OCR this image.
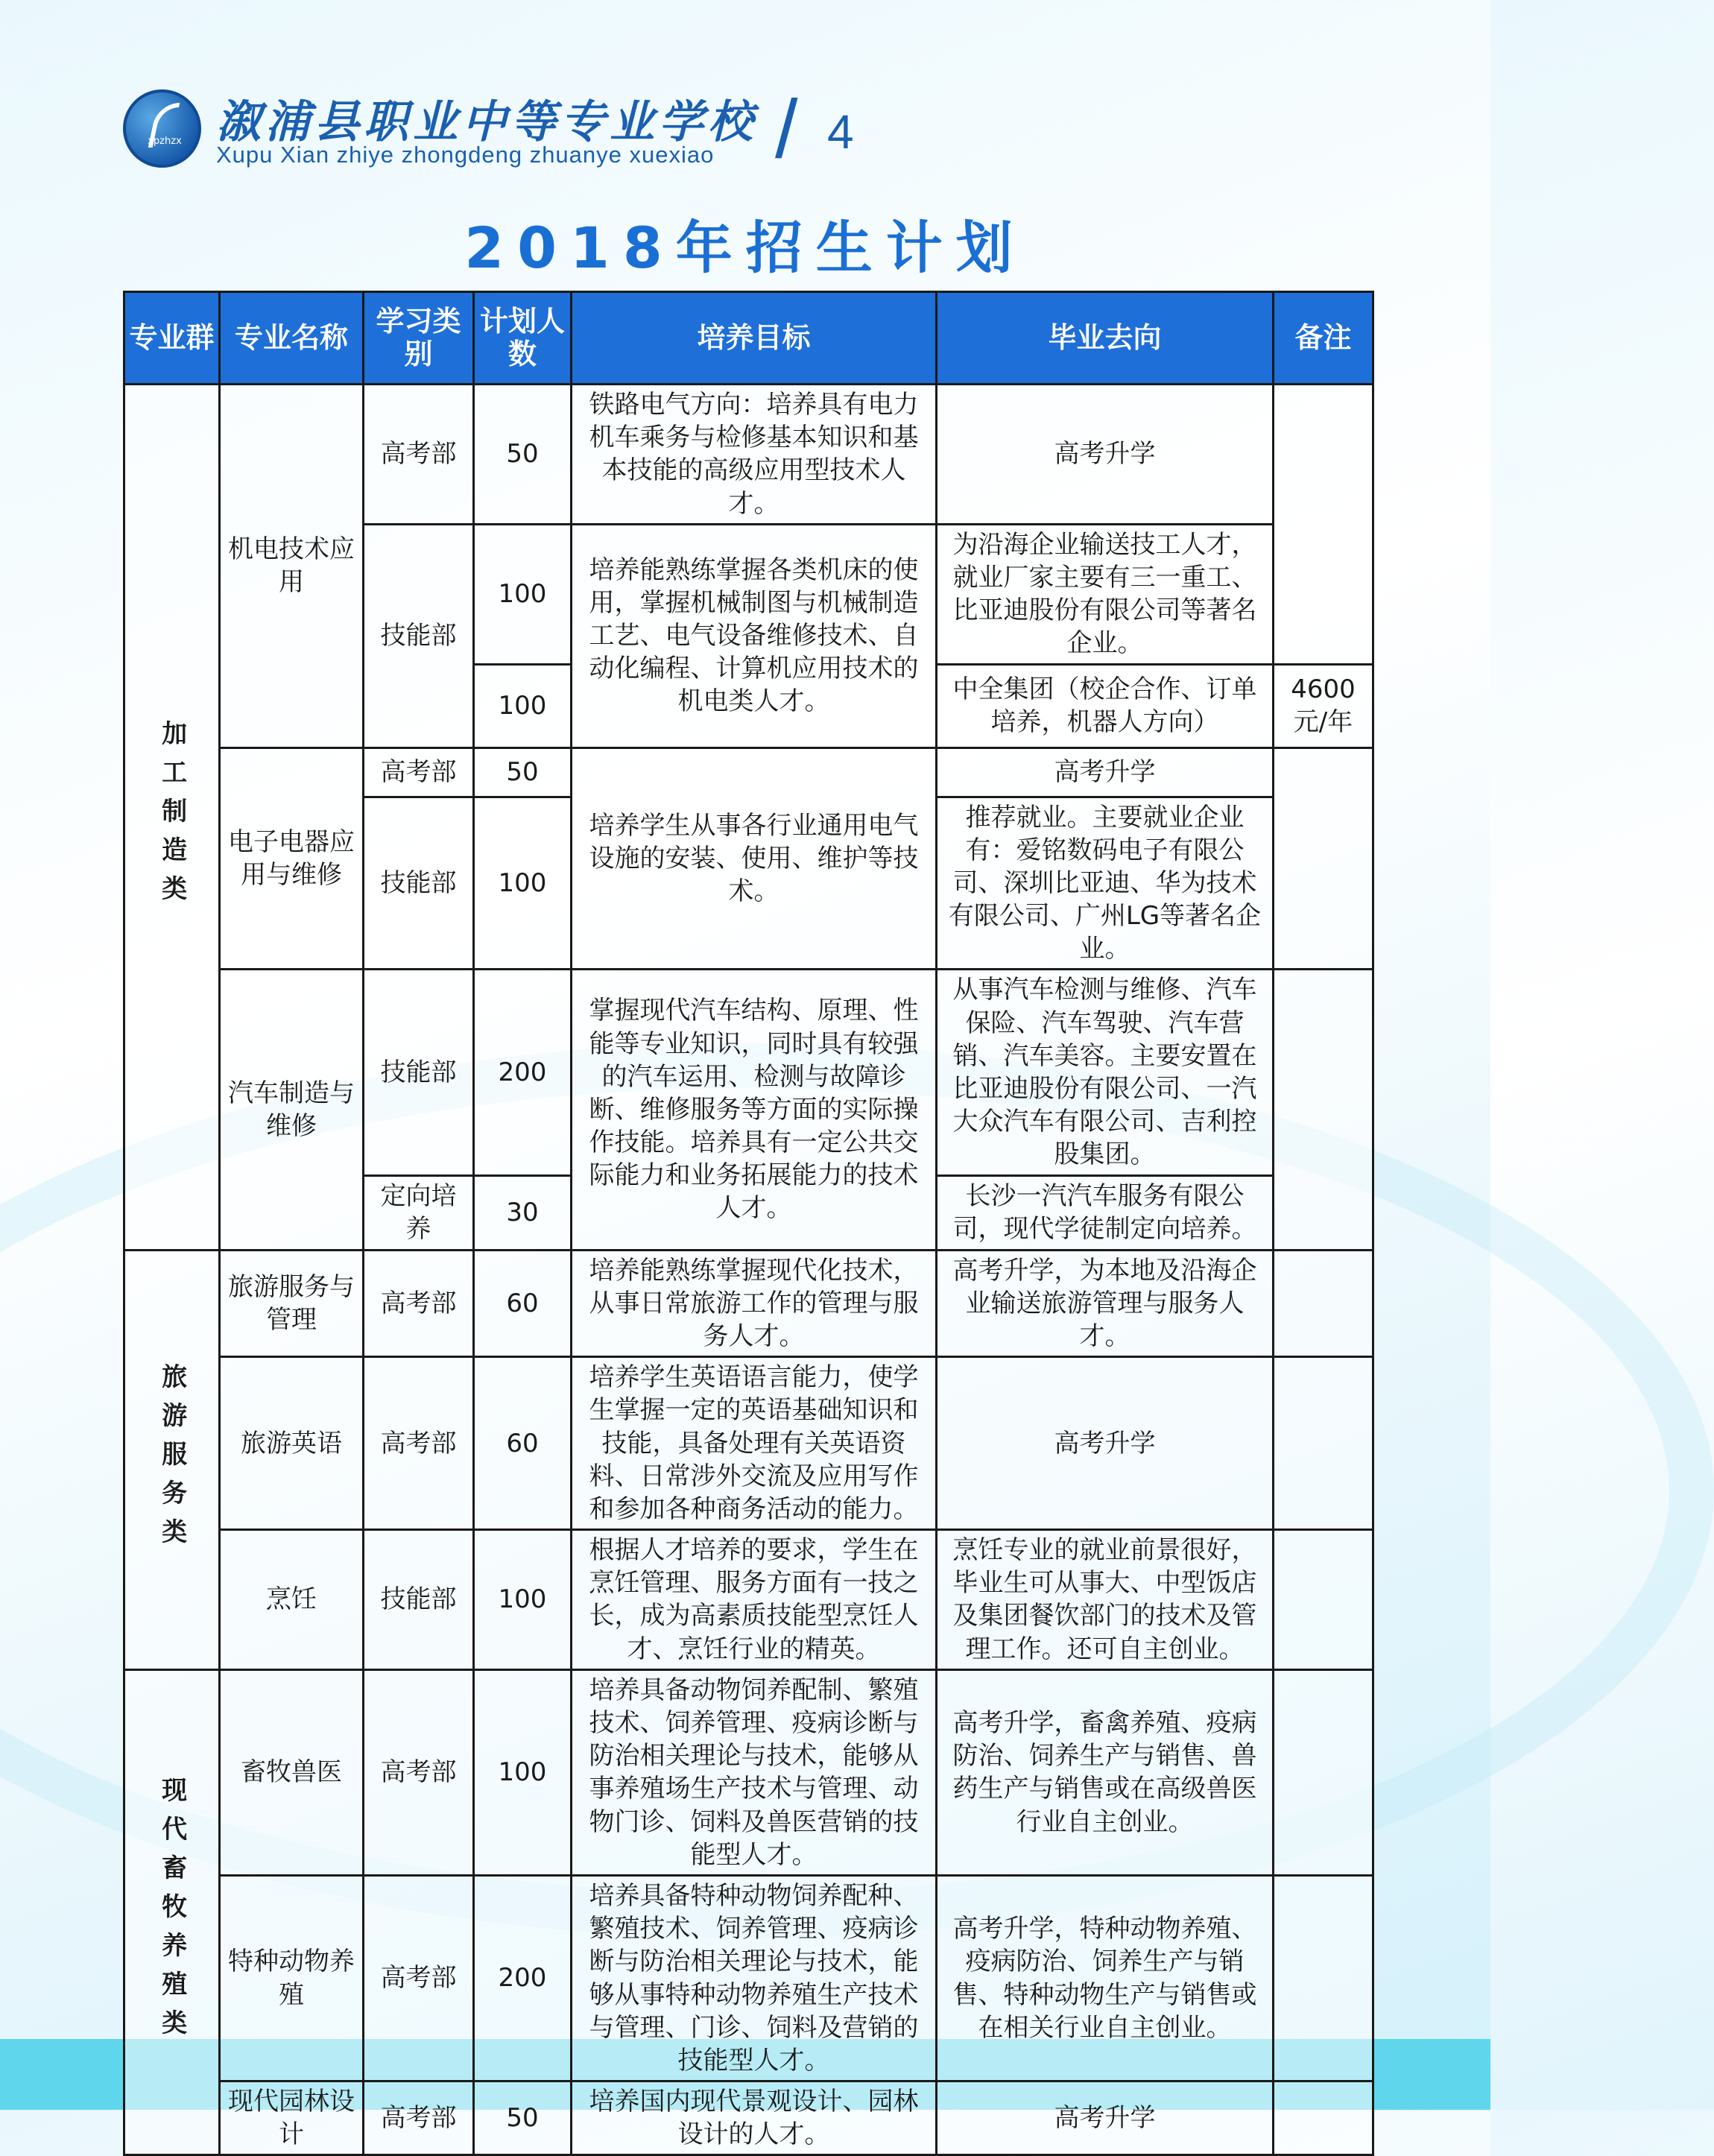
xpzhzx 溆浦县职业中等专业学校
Xupu Xian zhiye zhongdeng zhuanye xuexiao / 4
2018年招生计划
专业群	专业名称	学习类别	计划人数	培养目标	毕业去向	备注
加工制造类	机电技术应用	高考部	50	铁路电气方向：培养具有电力机车乘务与检修基本知识和基本技能的高级应用型技术人才。	高考升学	
		技能部	100	培养能熟练掌握各类机床的使用，掌握机械制图与机械制造工艺、电气设备维修技术、自动化编程、计算机应用技术的机电类人才。	为沿海企业输送技工人才，就业厂家主要有三一重工、比亚迪股份有限公司等著名企业。	
			100		中全集团（校企合作、订单培养，机器人方向）	4600元/年
	电子电器应用与维修	高考部	50	培养学生从事各行业通用电气设施的安装、使用、维护等技术。	高考升学	
		技能部	100		推荐就业。主要就业企业有：爱铭数码电子有限公司、深圳比亚迪、华为技术有限公司、广州LG等著名企业。	
	汽车制造与维修	技能部	200	掌握现代汽车结构、原理、性能等专业知识，同时具有较强的汽车运用、检测与故障诊断、维修服务等方面的实际操作技能。培养具有一定公共交际能力和业务拓展能力的技术人才。	从事汽车检测与维修、汽车保险、汽车驾驶、汽车营销、汽车美容。主要安置在比亚迪股份有限公司、一汽大众汽车有限公司、吉利控股集团。	
		定向培养	30		长沙一汽汽车服务有限公司，现代学徒制定向培养。	

旅游服务类	旅游服务与管理	高考部	60	培养能熟练掌握现代化技术，从事日常旅游工作的管理与服务人才。	高考升学，为本地及沿海企业输送旅游管理与服务人才。	
	旅游英语	高考部	60	培养学生英语语言能力，使学生掌握一定的英语基础知识和技能，具备处理有关英语资料、日常涉外交流及应用写作和参加各种商务活动的能力。	高考升学	
	烹饪	技能部	100	根据人才培养的要求，学生在烹饪管理、服务方面有一技之长，成为高素质技能型烹饪人才、烹饪行业的精英。	烹饪专业的就业前景很好，毕业生可从事大、中型饭店及集团餐饮部门的技术及管理工作。还可自主创业。	
现代畜牧养殖类	畜牧兽医	高考部	100	培养具备动物饲养配制、繁殖技术、饲养管理、疫病诊断与防治相关理论与技术，能够从事养殖场生产技术与管理、动物门诊、饲料及兽医营销的技能型人才。	高考升学，畜禽养殖、疫病防治、饲养生产与销售、兽药生产与销售或在高级兽医行业自主创业。	
	特种动物养殖	高考部	200	培养具备特种动物饲养配种、繁殖技术、饲养管理、疫病诊断与防治相关理论与技术，能够从事特种动物养殖生产技术与管理、门诊、饲料及营销的技能型人才。	高考升学，特种动物养殖、疫病防治、饲养生产与销售、特种动物生产与销售或在相关行业自主创业。	
	现代园林设计	高考部	50	培养国内现代景观设计、园林设计的人才。	高考升学	
